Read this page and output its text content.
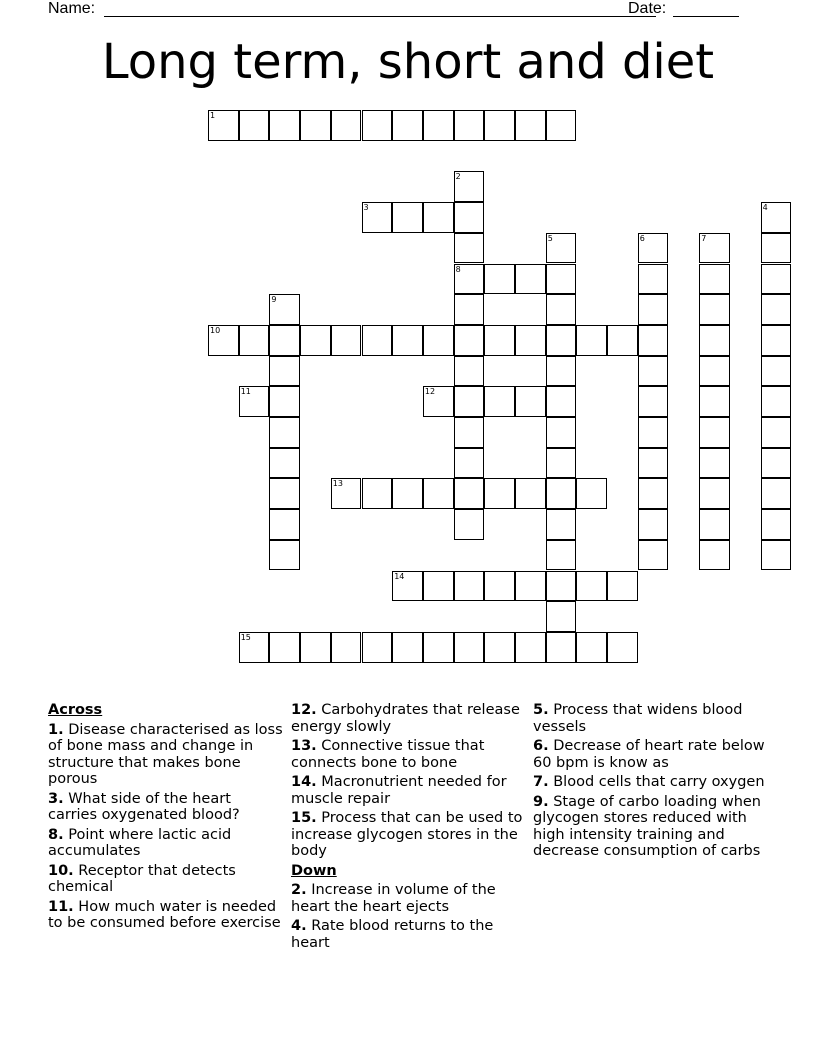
Name:	Date:
Long term, short and diet
1
2
8
3	4
5	6	7
9
10
11	12
13
14
15
Across
1. Disease characterised as loss of bone mass and change in structure that makes bone porous
3. What side of the heart carries oxygenated blood?
8. Point where lactic acid accumulates
10. Receptor that detects chemical
11. How much water is needed to be consumed before exercise
12. Carbohydrates that release energy slowly
13. Connective tissue that connects bone to bone
14. Macronutrient needed for muscle repair
15. Process that can be used to increase glycogen stores in the body
Down
2. Increase in volume of the heart the heart ejects
4. Rate blood returns to the heart
5. Process that widens blood vessels
6. Decrease of heart rate below 60 bpm is know as
7. Blood cells that carry oxygen
9. Stage of carbo loading when glycogen stores reduced with high intensity training and decrease consumption of carbs
